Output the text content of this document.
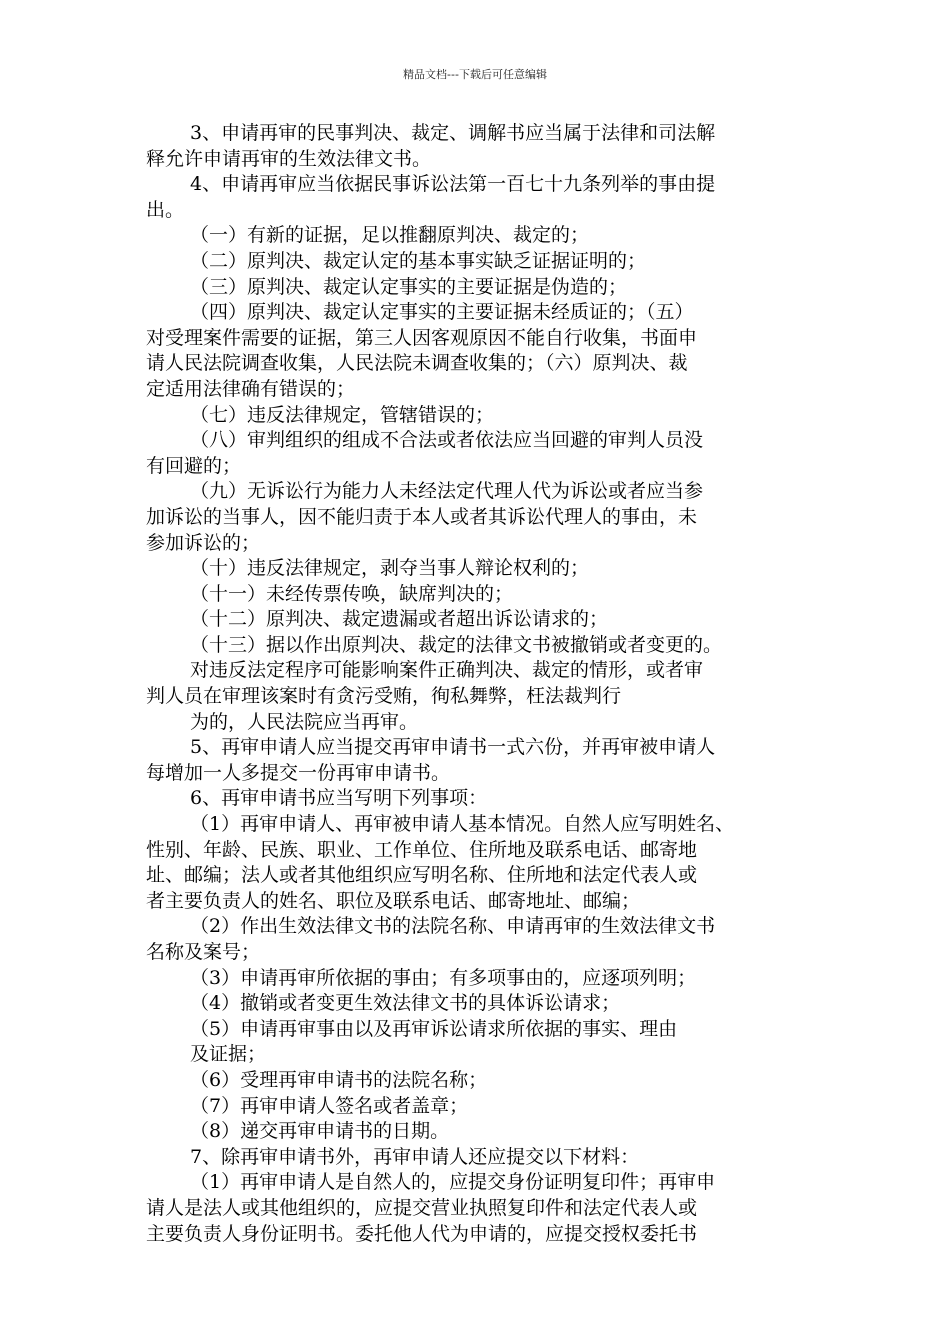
精品文档---下载后可任意编辑
3、申请再审的民事判决、裁定、调解书应当属于法律和司法解
释允许申请再审的生效法律文书。
4、申请再审应当依据民事诉讼法第一百七十九条列举的事由提
出。
（一）有新的证据，足以推翻原判决、裁定的；
（二）原判决、裁定认定的基本事实缺乏证据证明的；
（三）原判决、裁定认定事实的主要证据是伪造的；
（四）原判决、裁定认定事实的主要证据未经质证的；（五）
对受理案件需要的证据，第三人因客观原因不能自行收集，书面申
请人民法院调查收集，人民法院未调查收集的；（六）原判决、裁
定适用法律确有错误的；
（七）违反法律规定，管辖错误的；
（八）审判组织的组成不合法或者依法应当回避的审判人员没
有回避的；
（九）无诉讼行为能力人未经法定代理人代为诉讼或者应当参
加诉讼的当事人，因不能归责于本人或者其诉讼代理人的事由，未
参加诉讼的；
（十）违反法律规定，剥夺当事人辩论权利的；
（十一）未经传票传唤，缺席判决的；
（十二）原判决、裁定遗漏或者超出诉讼请求的；
（十三）据以作出原判决、裁定的法律文书被撤销或者变更的。
对违反法定程序可能影响案件正确判决、裁定的情形，或者审
判人员在审理该案时有贪污受贿，徇私舞弊，枉法裁判行
为的，人民法院应当再审。
5、再审申请人应当提交再审申请书一式六份，并再审被申请人
每增加一人多提交一份再审申请书。
6、再审申请书应当写明下列事项：
（1）再审申请人、再审被申请人基本情况。自然人应写明姓名、
性别、年龄、民族、职业、工作单位、住所地及联系电话、邮寄地
址、邮编；法人或者其他组织应写明名称、住所地和法定代表人或
者主要负责人的姓名、职位及联系电话、邮寄地址、邮编；
（2）作出生效法律文书的法院名称、申请再审的生效法律文书
名称及案号；
（3）申请再审所依据的事由；有多项事由的，应逐项列明；
（4）撤销或者变更生效法律文书的具体诉讼请求；
（5）申请再审事由以及再审诉讼请求所依据的事实、理由
及证据；
（6）受理再审申请书的法院名称；
（7）再审申请人签名或者盖章；
（8）递交再审申请书的日期。
7、除再审申请书外，再审申请人还应提交以下材料：
（1）再审申请人是自然人的，应提交身份证明复印件；再审申
请人是法人或其他组织的，应提交营业执照复印件和法定代表人或
主要负责人身份证明书。委托他人代为申请的，应提交授权委托书
